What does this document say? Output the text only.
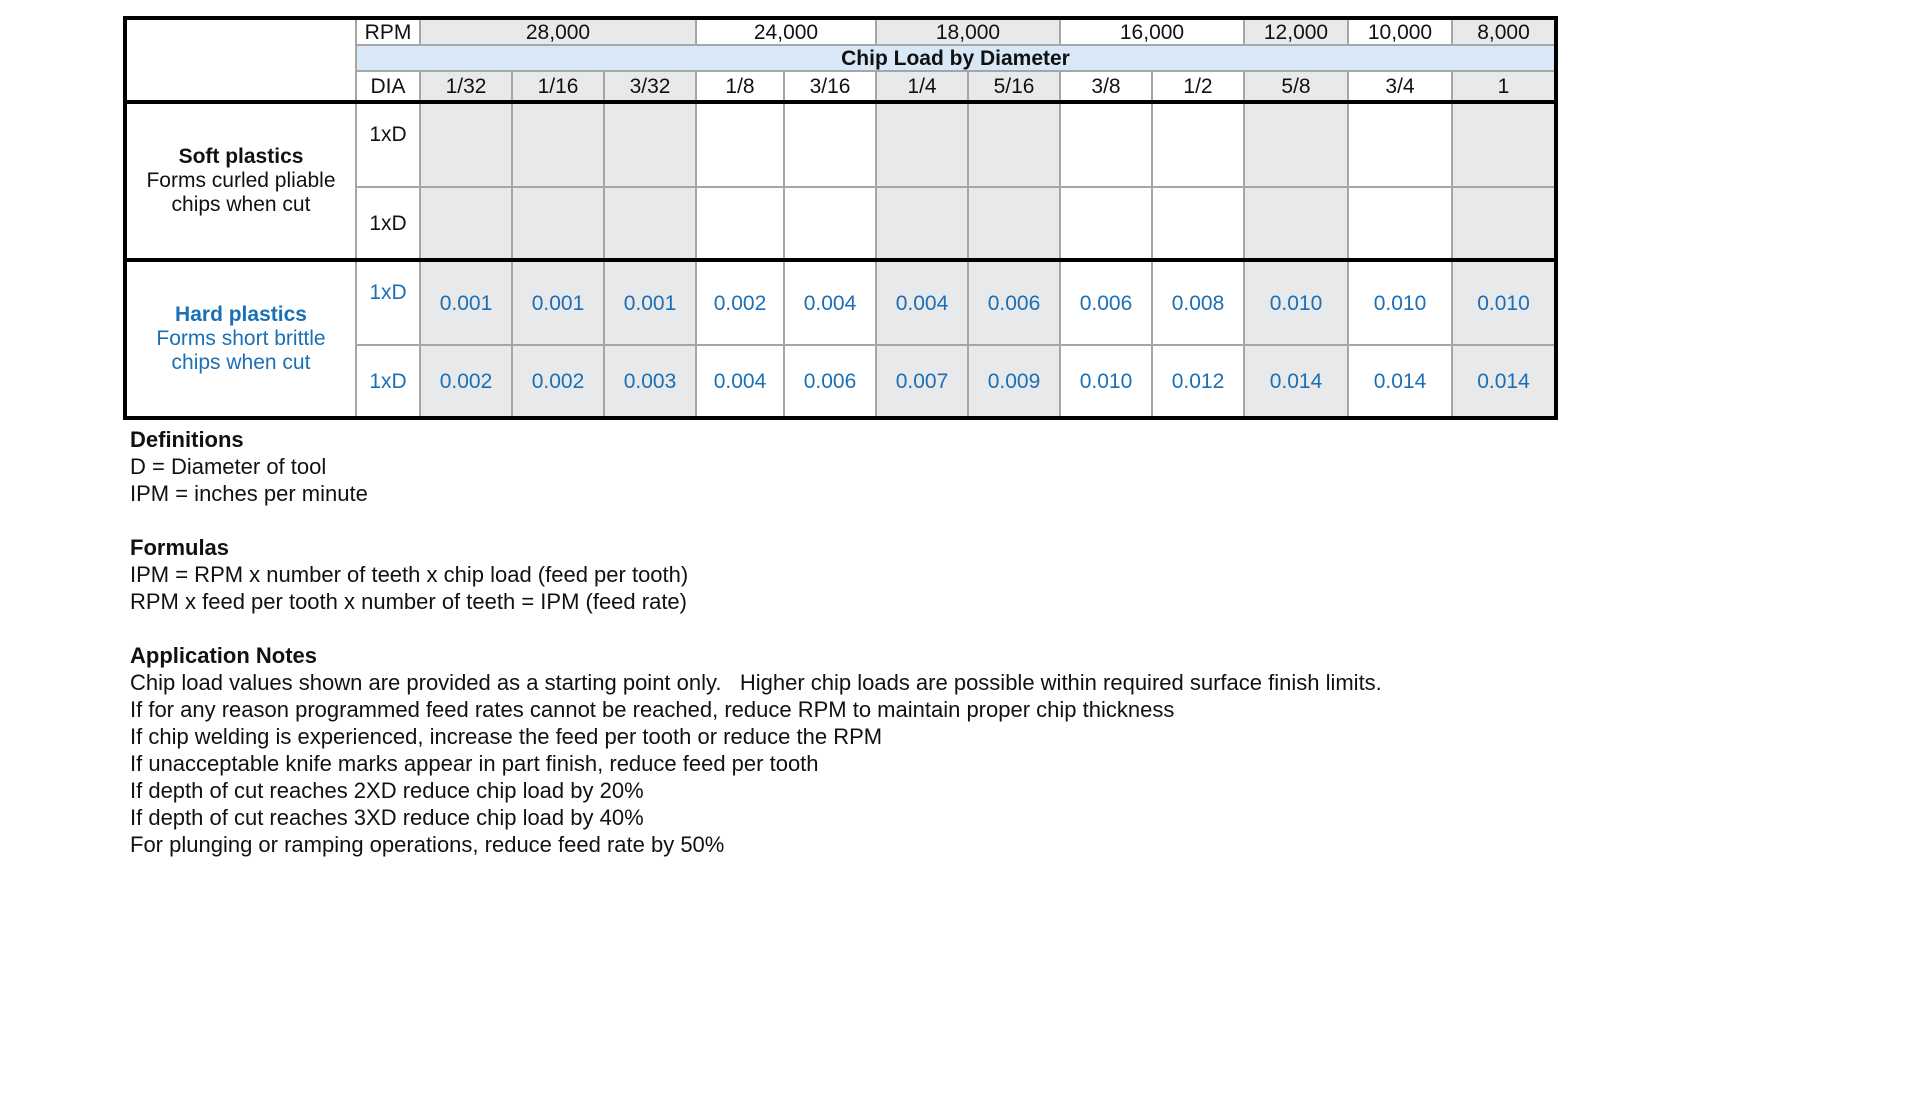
	RPM	28,000			24,000		18,000		16,000		12,000	10,000	8,000
	Chip Load by Diameter												
	DIA	1/32	1/16	3/32	1/8	3/16	1/4	5/16	3/8	1/2	5/8	3/4	1

Soft plastics
Forms curled pliable
chips when cut	1xD												
	1xD												

Hard plastics
Forms short brittle
chips when cut	1xD	0.001	0.001	0.001	0.002	0.004	0.004	0.006	0.006	0.008	0.010	0.010	0.010
	1xD	0.002	0.002	0.003	0.004	0.006	0.007	0.009	0.010	0.012	0.014	0.014	0.014
Definitions
D = Diameter of tool
IPM = inches per minute
Formulas
IPM = RPM x number of teeth x chip load (feed per tooth)
RPM x feed per tooth x number of teeth = IPM (feed rate)
Application Notes
Chip load values shown are provided as a starting point only.   Higher chip loads are possible within required surface finish limits.
If for any reason programmed feed rates cannot be reached, reduce RPM to maintain proper chip thickness
If chip welding is experienced, increase the feed per tooth or reduce the RPM
If unacceptable knife marks appear in part finish, reduce feed per tooth
If depth of cut reaches 2XD reduce chip load by 20%
If depth of cut reaches 3XD reduce chip load by 40%
For plunging or ramping operations, reduce feed rate by 50%
